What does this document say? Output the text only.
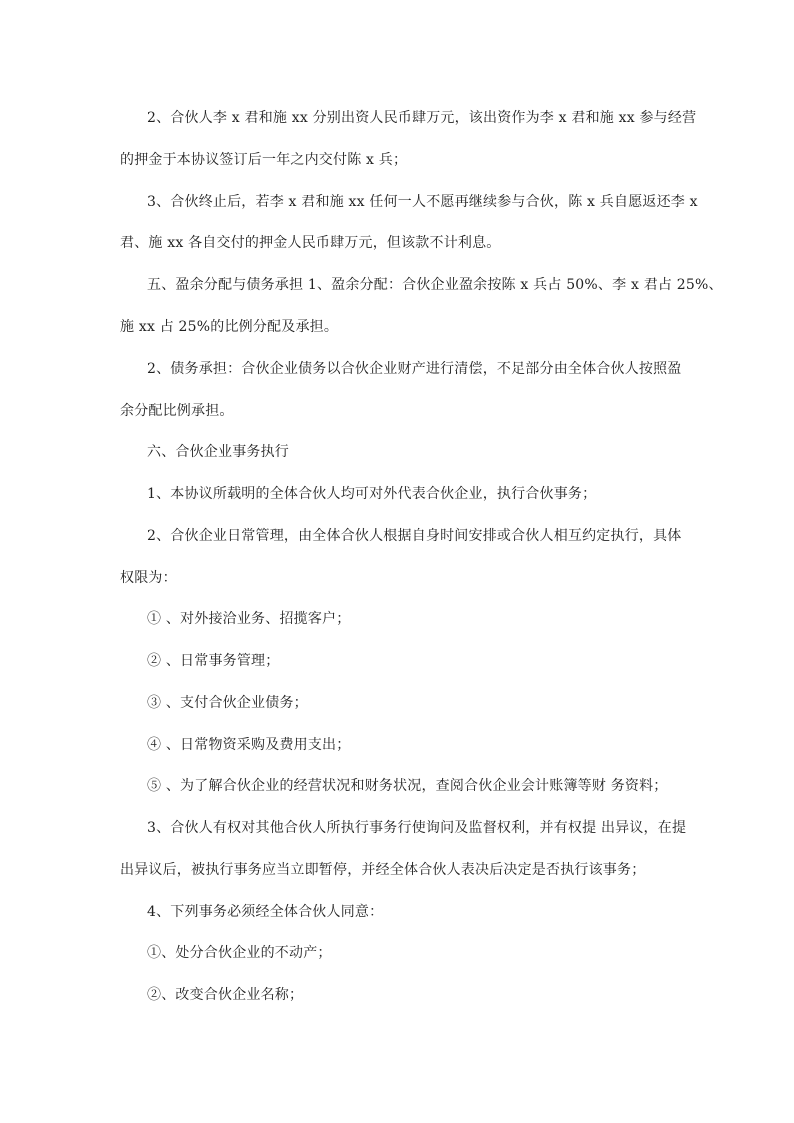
2、合伙人李 x 君和施 xx 分别出资人民币肆万元，该出资作为李 x 君和施 xx 参与经营
的押金于本协议签订后一年之内交付陈 x 兵；
3、合伙终止后，若李 x 君和施 xx 任何一人不愿再继续参与合伙，陈 x 兵自愿返还李 x
君、施 xx 各自交付的押金人民币肆万元，但该款不计利息。
五、盈余分配与债务承担 1、盈余分配：合伙企业盈余按陈 x 兵占 50%、李 x 君占 25%、
施 xx 占 25%的比例分配及承担。
2、债务承担：合伙企业债务以合伙企业财产进行清偿，不足部分由全体合伙人按照盈
余分配比例承担。
六、合伙企业事务执行
1、本协议所载明的全体合伙人均可对外代表合伙企业，执行合伙事务；
2、合伙企业日常管理，由全体合伙人根据自身时间安排或合伙人相互约定执行，具体
权限为：
① 、对外接洽业务、招揽客户；
② 、日常事务管理；
③ 、支付合伙企业债务；
④ 、日常物资采购及费用支出；
⑤ 、为了解合伙企业的经营状况和财务状况，查阅合伙企业会计账簿等财 务资料；
3、合伙人有权对其他合伙人所执行事务行使询问及监督权利，并有权提 出异议，在提
出异议后，被执行事务应当立即暂停，并经全体合伙人表决后决定是否执行该事务；
4、下列事务必须经全体合伙人同意：
①、处分合伙企业的不动产；
②、改变合伙企业名称；
